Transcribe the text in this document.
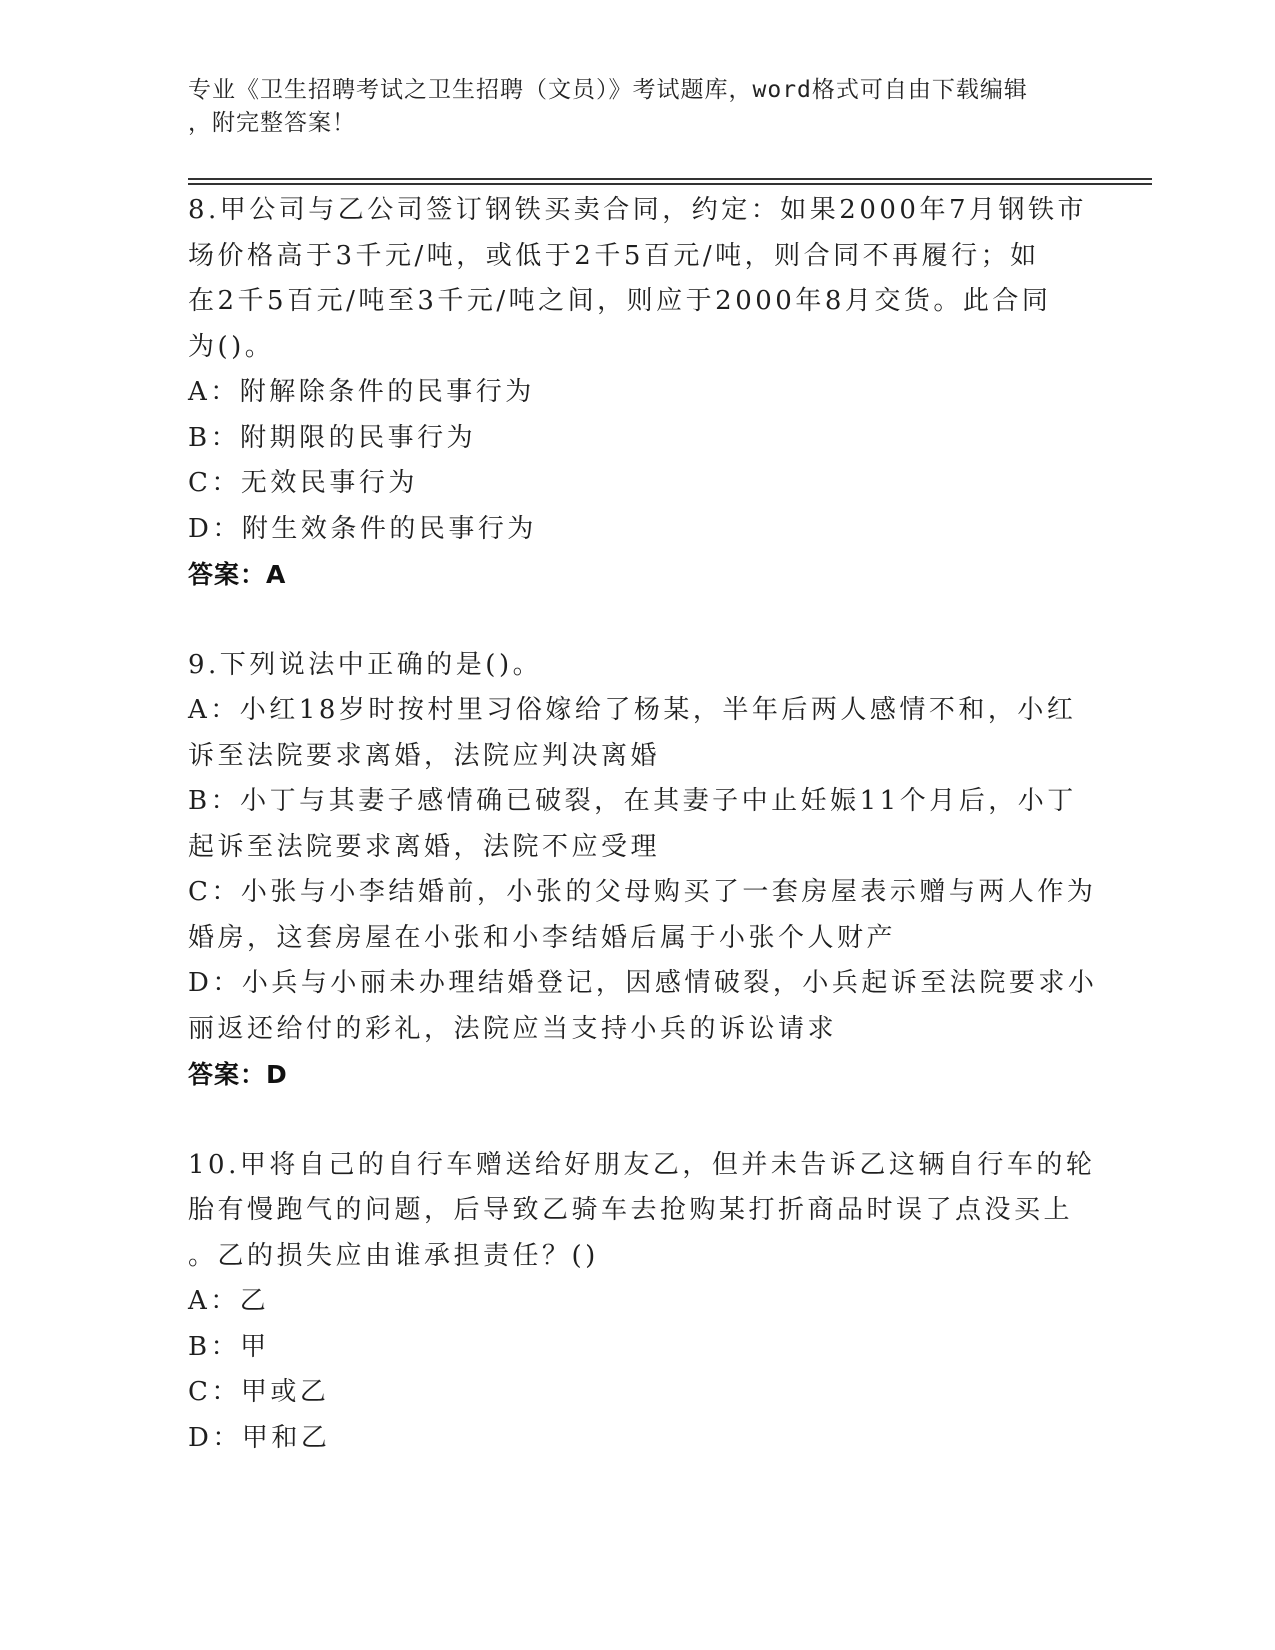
专业《卫生招聘考试之卫生招聘（文员）》考试题库，word格式可自由下载编辑
，附完整答案！
8.甲公司与乙公司签订钢铁买卖合同，约定：如果2000年7月钢铁市
场价格高于3千元/吨，或低于2千5百元/吨，则合同不再履行；如
在2千5百元/吨至3千元/吨之间，则应于2000年8月交货。此合同
为()。
A：附解除条件的民事行为
B：附期限的民事行为
C：无效民事行为
D：附生效条件的民事行为
答案：A
9.下列说法中正确的是()。
A：小红18岁时按村里习俗嫁给了杨某，半年后两人感情不和，小红
诉至法院要求离婚，法院应判决离婚
B：小丁与其妻子感情确已破裂，在其妻子中止妊娠11个月后，小丁
起诉至法院要求离婚，法院不应受理
C：小张与小李结婚前，小张的父母购买了一套房屋表示赠与两人作为
婚房，这套房屋在小张和小李结婚后属于小张个人财产
D：小兵与小丽未办理结婚登记，因感情破裂，小兵起诉至法院要求小
丽返还给付的彩礼，法院应当支持小兵的诉讼请求
答案：D
10.甲将自己的自行车赠送给好朋友乙，但并未告诉乙这辆自行车的轮
胎有慢跑气的问题，后导致乙骑车去抢购某打折商品时误了点没买上
。乙的损失应由谁承担责任？()
A：乙
B：甲
C：甲或乙
D：甲和乙
